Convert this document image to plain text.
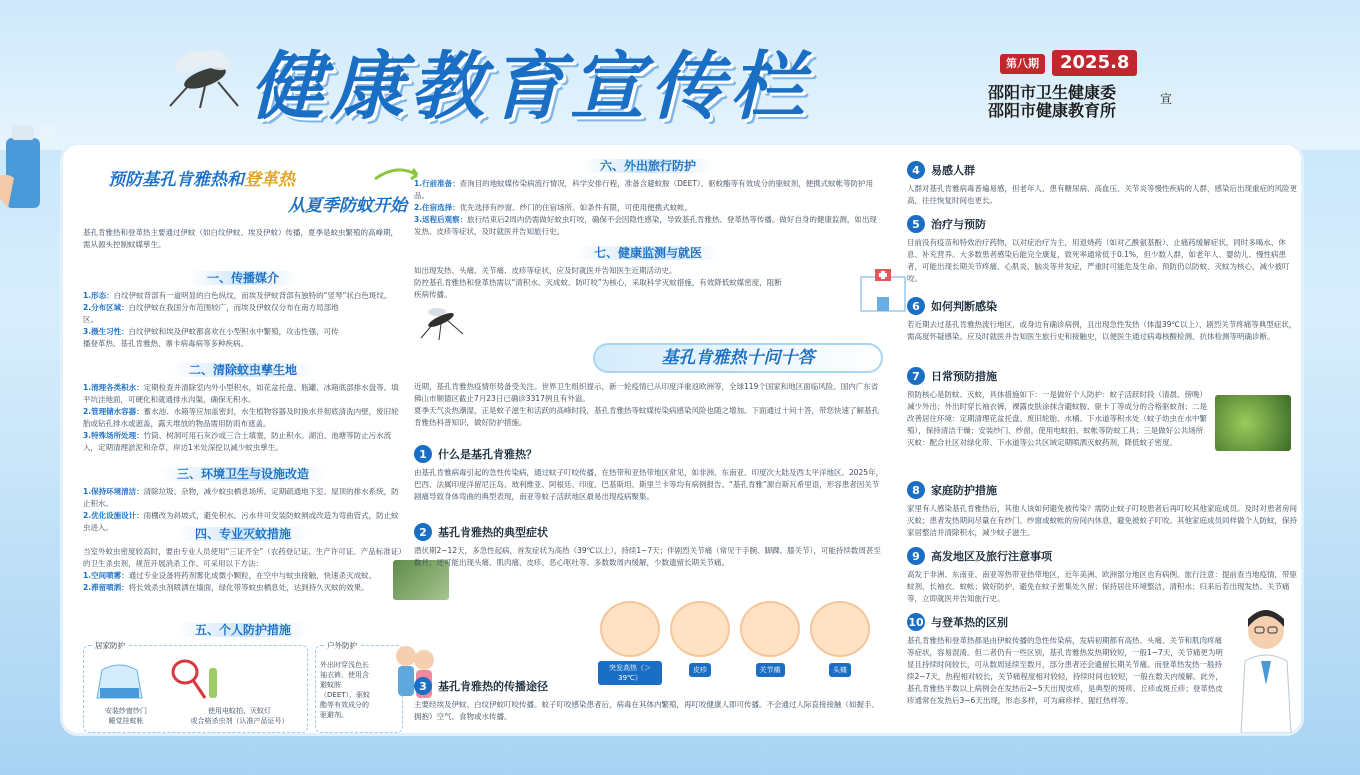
健康教育宣传栏	第八期	2025.8
邵阳市卫生健康委
邵阳市健康教育所
宣
预防基孔肯雅热和登革热
从夏季防蚊开始

基孔肯雅热和登革热主要通过伊蚊（如白纹伊蚊、埃及伊蚊）传播，夏季是蚊虫繁殖的高峰期，需从源头控制蚊媒孳生。

一、传播媒介

1.形态：白纹伊蚊背部有一道明显的白色纵纹，而埃及伊蚊背部有独特的“竖琴”状白色斑纹。

2.分布区域：白纹伊蚊在我国分布范围较广，而埃及伊蚊仅分布在南方局部地区。

3.摄生习性：白纹伊蚊和埃及伊蚊都喜欢在小型积水中繁殖，攻击性强，可传播登革热、基孔肯雅热、寨卡病毒病等多种疾病。

二、清除蚊虫孳生地

1.清理各类积水：定期检查并清除室内外小型积水，如花盆托盘、瓶罐、冰箱底部排水盘等。填平坑洼地面，可硬化和就通排水沟渠，确保无积水。

2.管理储水容器：蓄水池、水箱等应加盖密封，水生植物容器及时换水并彻底清洗内壁，废旧轮胎或钻孔排水或遮盖，露天堆放的物品需用防雨布遮盖。

3.特殊场所处理：竹筒、树洞可用石灰沙或三合土填塞，防止积水。湖泊、池塘等防止污水流入，定期清理淤泥和杂草，岸边1米处深挖以减少蚊虫孳生。

三、环境卫生与设施改造

1.保持环境清洁：清除垃圾、杂物，减少蚊虫栖息场所。定期疏通地下室、屋顶的排水系统，防止积水。

2.优化设施设计：雨棚改为斜坡式，避免积水。污水井可安装防蚊闸或改造为弯曲管式，防止蚊虫进入。	四、专业灭蚊措施

当室外蚊虫密度较高时，要由专业人员使用“三证齐全”（农药登记证、生产许可证、产品标准证）的卫生杀虫剂，规范开展消杀工作。可采用以下方法：

1.空间喷雾：通过专业设备将药剂雾化成微小颗粒，在空中与蚊虫接触，快速杀灭成蚊。

2.滞留喷洒：将长效杀虫剂喷洒在墙面，绿化带等蚊虫栖息处，达到持久灭蚊的效果。

五、个人防护措施
居家防护
安装纱窗纱门
睡觉挂蚊帐
使用电蚊拍、灭蚊灯
或合格杀虫剂（认准产品证号）
户外防护

外出时穿浅色长袖衣裤，使用含避蚊胺（DEET）、驱蚊酯等有效成分的驱避剂。

六、外出旅行防护

1.行前准备：查询目的地蚊媒传染病流行情况，科学安排行程，准备含避蚊胺（DEET）、驱蚊酯等有效成分的驱蚊剂，便携式蚊帐等防护用品。

2.住宿选择：优先选择有纱窗、纱门的住宿场所。如条件有限，可使用便携式蚊帐。

3.返程后观察：旅行结束后2周内仍需做好蚊虫叮咬，确保不会因隐性感染，导致基孔肯雅热、登革热等传播。做好自身的健康监测，如出现发热、皮疹等症状，及时就医并告知旅行史。

七、健康监测与就医

如出现发热、头痛、关节痛、皮疹等症状，应及时就医并告知医生近期活动史。

防控基孔肯雅热和登革热需以“清积水、灭成蚊、防叮咬”为核心，采取科学灭蚊措施，有效降低蚊媒密度，阻断疾病传播。

基孔肯雅热十问十答

近期，基孔肯雅热疫情形势备受关注。世界卫生组织提示，新一轮疫情已从印度洋重返欧洲等，全球119个国家和地区面临风险。国内广东省佛山市顺德区截止7月23日已确诊3317例且有外溢。

夏季天气炎热潮湿，正是蚊子滋生和活跃的高峰时段，基孔肯雅热等蚊媒传染病感染风险也随之增加。下面通过十问十答，带您快速了解基孔肯雅热科普知识，做好防护措施。

1	什么是基孔肯雅热？

由基孔肯雅病毒引起的急性传染病，通过蚊子叮咬传播，在热带和亚热带地区常见，如非洲、东南亚、印度次大陆及西太平洋地区。2025年，巴西、法属印度洋留尼汪岛、玻利维亚、阿根廷、印度、巴基斯坦、斯里兰卡等均有病例报告。“基孔肯雅”源自斯瓦希里语，形容患者因关节剧痛导致身体弯曲的典型表现，南亚等蚊子活跃地区最易出现疫病聚集。

2	基孔肯雅热的典型症状

潜伏期2~12天，多急性起病，首发症状为高热（39℃以上），持续1~7天；伴剧烈关节痛（常见于手腕、脚踝、膝关节），可能持续数周甚至数月；还可能出现头痛、肌肉痛、皮疹、恶心呕吐等。多数数周内缓解，少数遗留长期关节痛。

突发高热（＞39℃）
皮疹	关节痛	头痛
3	基孔肯雅热的传播途径

主要经埃及伊蚊、白纹伊蚊叮咬传播。蚊子叮咬感染患者后，病毒在其体内繁殖，再叮咬健康人即可传播。不会通过人际直接接触（如握手、拥抱）空气、食物或水传播。

4	易感人群

人群对基孔肯雅病毒普遍易感，但老年人、患有糖尿病、高血压、关节炎等慢性疾病的人群，感染后出现重症的风险更高，往往恢复时间也更长。

5	治疗与预防

目前没有疫苗和特效治疗药物，以对症治疗为主，用退烧药（如对乙酰氨基酚）、止痛药缓解症状，同时多喝水、休息、补充营养。大多数患者感染后能完全康复，致死率通常低于0.1%，但少数人群，如老年人、婴幼儿、慢性病患者，可能出现长期关节疼痛、心肌炎、脑炎等并发症，严重时可能危及生命。预防仍以防蚊、灭蚊为核心，减少被叮咬。

6	如何判断感染

若近期去过基孔肯雅热流行地区，或身边有确诊病例，且出现急性发热（体温39℃以上）、剧烈关节疼痛等典型症状，需高度怀疑感染。应及时就医并告知医生旅行史和接触史，以便医生通过病毒核酸检测、抗体检测等明确诊断。

7	日常预防措施

预防核心是防蚊、灭蚊，具体措施如下：一是做好个人防护：蚊子活跃时段（清晨、傍晚）减少外出；外出时穿长袖衣裤，裸露皮肤涂抹含避蚊胺、驱卡丁等成分的合格驱蚊剂；二是改善居住环境：定期清理花盆托盘、废旧轮胎、水桶、下水道等积水处（蚊子幼虫在水中繁殖），保持清洁干燥；安装纱门、纱窗，使用电蚊拍、蚊帐等防蚊工具；三是做好公共场所灭蚊：配合社区对绿化带、下水道等公共区域定期喷洒灭蚊药剂，降低蚊子密度。

8	家庭防护措施

家里有人感染基孔肯雅热后，其他人该如何避免被传染？需防止蚊子叮咬患者后再叮咬其他家庭成员。及时对患者房间灭蚊；患者发热期间尽量在有纱门、纱窗或蚊帐的房间内休息，避免被蚊子叮咬。其他家庭成员同样做个人防蚊，保持家居整洁并清除积水，减少蚊子滋生。

9	高发地区及旅行注意事项

高发于非洲、东南亚、南亚等热带亚热带地区，近年美洲、欧洲部分地区也有病例。旅行注意：提前查当地疫情，带驱蚊剂、长袖衣、蚊帐；做好防护，避免在蚊子密集处久留；保持居住环境整洁，清积水；归来后若出现发热、关节痛等，立即就医并告知旅行史。

10 与登革热的区别

基孔肯雅热和登革热都是由伊蚊传播的急性传染病，发病初期都有高热、头痛、关节和肌肉疼痛等症状，容易混淆。但二者仍有一些区别，基孔肯雅热发热期较短，一般1~7天，关节痛更为明显且持续时间较长，可从数周延续至数月，部分患者还会遗留长期关节痛。而登革热发热一般持续2~7天，热程相对较长，关节痛程度相对较轻，持续时间也较短，一般在数天内缓解。此外，基孔肯雅热半数以上病例会在发热后2~5天出现皮疹，是典型的斑疹、丘疹或斑丘疹；登革热皮疹通常在发热后3~6天出现，形态多样，可为麻疹样、猩红热样等。
